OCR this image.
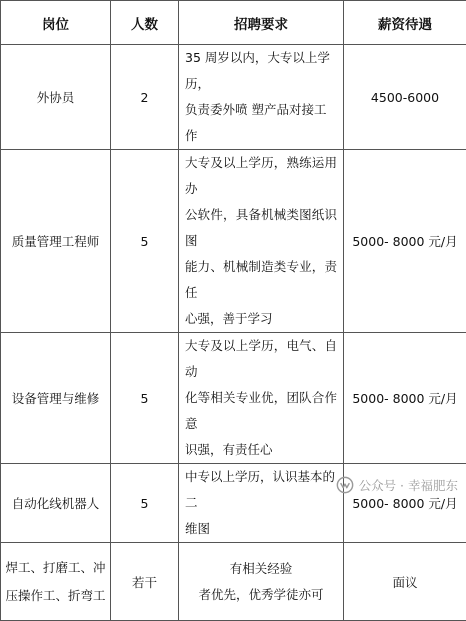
岗位	人数	招聘要求	薪资待遇
外协员	2	35 周岁以内，大专以上学历，
负责委外喷 塑产品对接工作	4500-6000
质量管理工程师	5	大专及以上学历，熟练运用办
公软件，具备机械类图纸识图
能力、机械制造类专业，责任
心强，善于学习	5000- 8000 元/月
设备管理与维修	5	大专及以上学历，电气、自动
化等相关专业优，团队合作意
识强，有责任心	5000- 8000 元/月
自动化线机器人	5	中专以上学历，认识基本的二
维图	5000- 8000 元/月
焊工、打磨工、冲
压操作工、折弯工	若干	有相关经验
者优先，优秀学徒亦可	面议
公众号 · 幸福肥东
